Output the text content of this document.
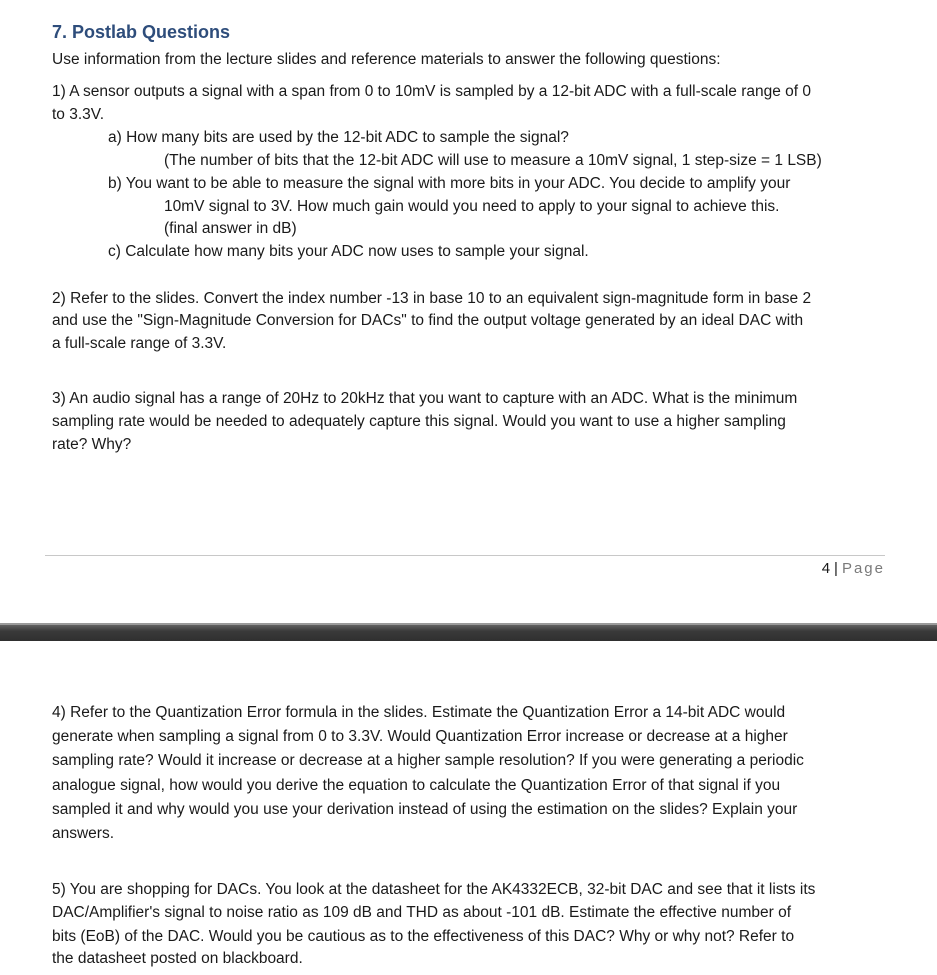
7. Postlab Questions
Use information from the lecture slides and reference materials to answer the following questions:
1) A sensor outputs a signal with a span from 0 to 10mV is sampled by a 12-bit ADC with a full-scale range of 0
to 3.3V.
a) How many bits are used by the 12-bit ADC to sample the signal?
(The number of bits that the 12-bit ADC will use to measure a 10mV signal, 1 step-size = 1 LSB)
b) You want to be able to measure the signal with more bits in your ADC. You decide to amplify your
10mV signal to 3V. How much gain would you need to apply to your signal to achieve this.
(final answer in dB)
c) Calculate how many bits your ADC now uses to sample your signal.
2) Refer to the slides. Convert the index number -13 in base 10 to an equivalent sign-magnitude form in base 2
and use the "Sign-Magnitude Conversion for DACs" to find the output voltage generated by an ideal DAC with
a full-scale range of 3.3V.
3) An audio signal has a range of 20Hz to 20kHz that you want to capture with an ADC. What is the minimum
sampling rate would be needed to adequately capture this signal. Would you want to use a higher sampling
rate? Why?
4 | Page
4) Refer to the Quantization Error formula in the slides. Estimate the Quantization Error a 14-bit ADC would
generate when sampling a signal from 0 to 3.3V. Would Quantization Error increase or decrease at a higher
sampling rate? Would it increase or decrease at a higher sample resolution? If you were generating a periodic
analogue signal, how would you derive the equation to calculate the Quantization Error of that signal if you
sampled it and why would you use your derivation instead of using the estimation on the slides? Explain your
answers.
5) You are shopping for DACs. You look at the datasheet for the AK4332ECB, 32-bit DAC and see that it lists its
DAC/Amplifier's signal to noise ratio as 109 dB and THD as about -101 dB. Estimate the effective number of
bits (EoB) of the DAC. Would you be cautious as to the effectiveness of this DAC? Why or why not? Refer to
the datasheet posted on blackboard.
